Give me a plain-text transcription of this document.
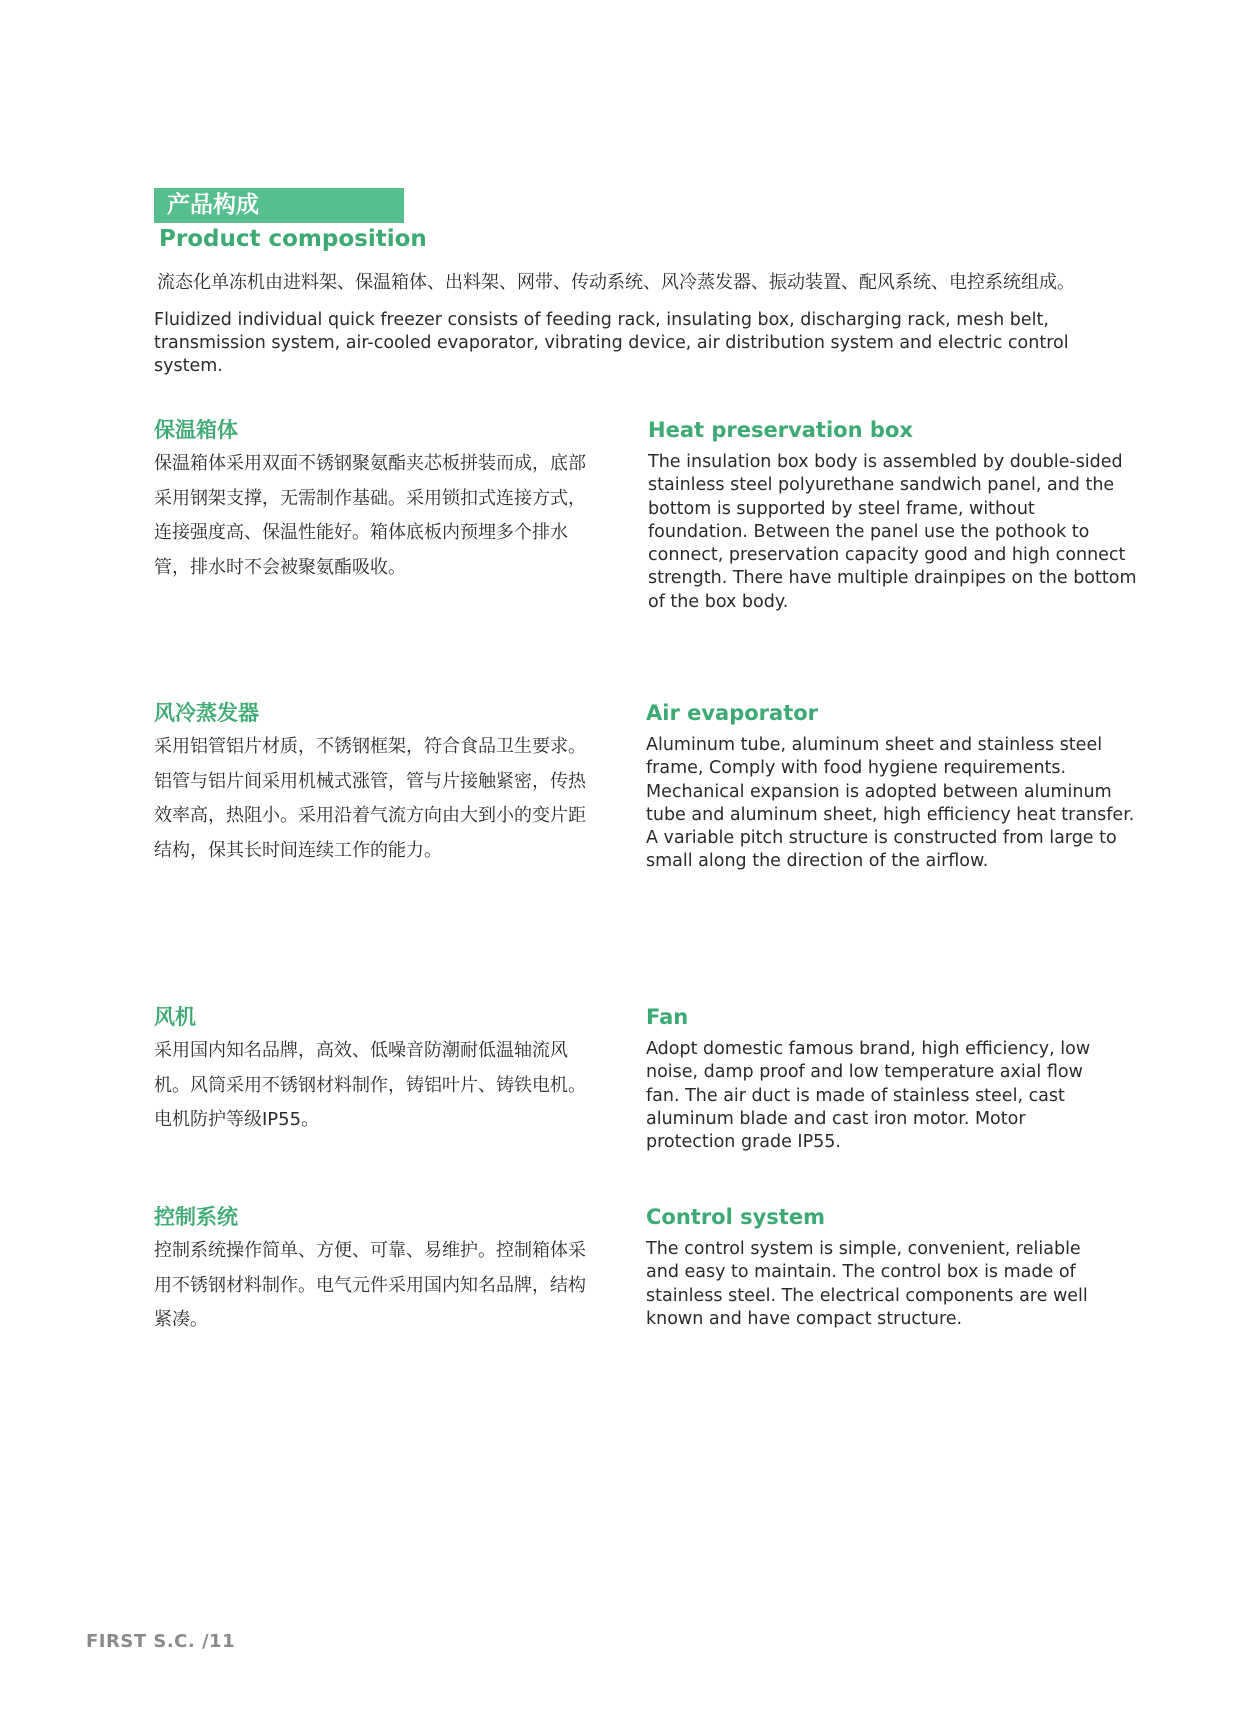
产品构成
Product composition
流态化单冻机由进料架、保温箱体、出料架、网带、传动系统、风冷蒸发器、振动装置、配风系统、电控系统组成。
Fluidized individual quick freezer consists of feeding rack, insulating box, discharging rack, mesh belt, transmission system, air-cooled evaporator, vibrating device, air distribution system and electric control system.
保温箱体
保温箱体采用双面不锈钢聚氨酯夹芯板拼装而成，底部采用钢架支撑，无需制作基础。采用锁扣式连接方式，连接强度高、保温性能好。箱体底板内预埋多个排水管，排水时不会被聚氨酯吸收。
Heat preservation box
The insulation box body is assembled by double-sided stainless steel polyurethane sandwich panel, and the bottom is supported by steel frame, without foundation. Between the panel use the pothook to connect, preservation capacity good and high connect strength. There have multiple drainpipes on the bottom of the box body.
风冷蒸发器
采用铝管铝片材质，不锈钢框架，符合食品卫生要求。铝管与铝片间采用机械式涨管，管与片接触紧密，传热效率高，热阻小。采用沿着气流方向由大到小的变片距结构，保其长时间连续工作的能力。
Air evaporator
Aluminum tube, aluminum sheet and stainless steel frame, Comply with food hygiene requirements. Mechanical expansion is adopted between aluminum tube and aluminum sheet, high efficiency heat transfer. A variable pitch structure is constructed from large to small along the direction of the airflow.
风机
采用国内知名品牌，高效、低噪音防潮耐低温轴流风机。风筒采用不锈钢材料制作，铸铝叶片、铸铁电机。电机防护等级IP55。
Fan
Adopt domestic famous brand, high efficiency, low noise, damp proof and low temperature axial flow fan. The air duct is made of stainless steel, cast aluminum blade and cast iron motor. Motor protection grade IP55.
控制系统
控制系统操作简单、方便、可靠、易维护。控制箱体采用不锈钢材料制作。电气元件采用国内知名品牌，结构紧凑。
Control system
The control system is simple, convenient, reliable and easy to maintain. The control box is made of stainless steel. The electrical components are well known and have compact structure.
FIRST S.C. /11
